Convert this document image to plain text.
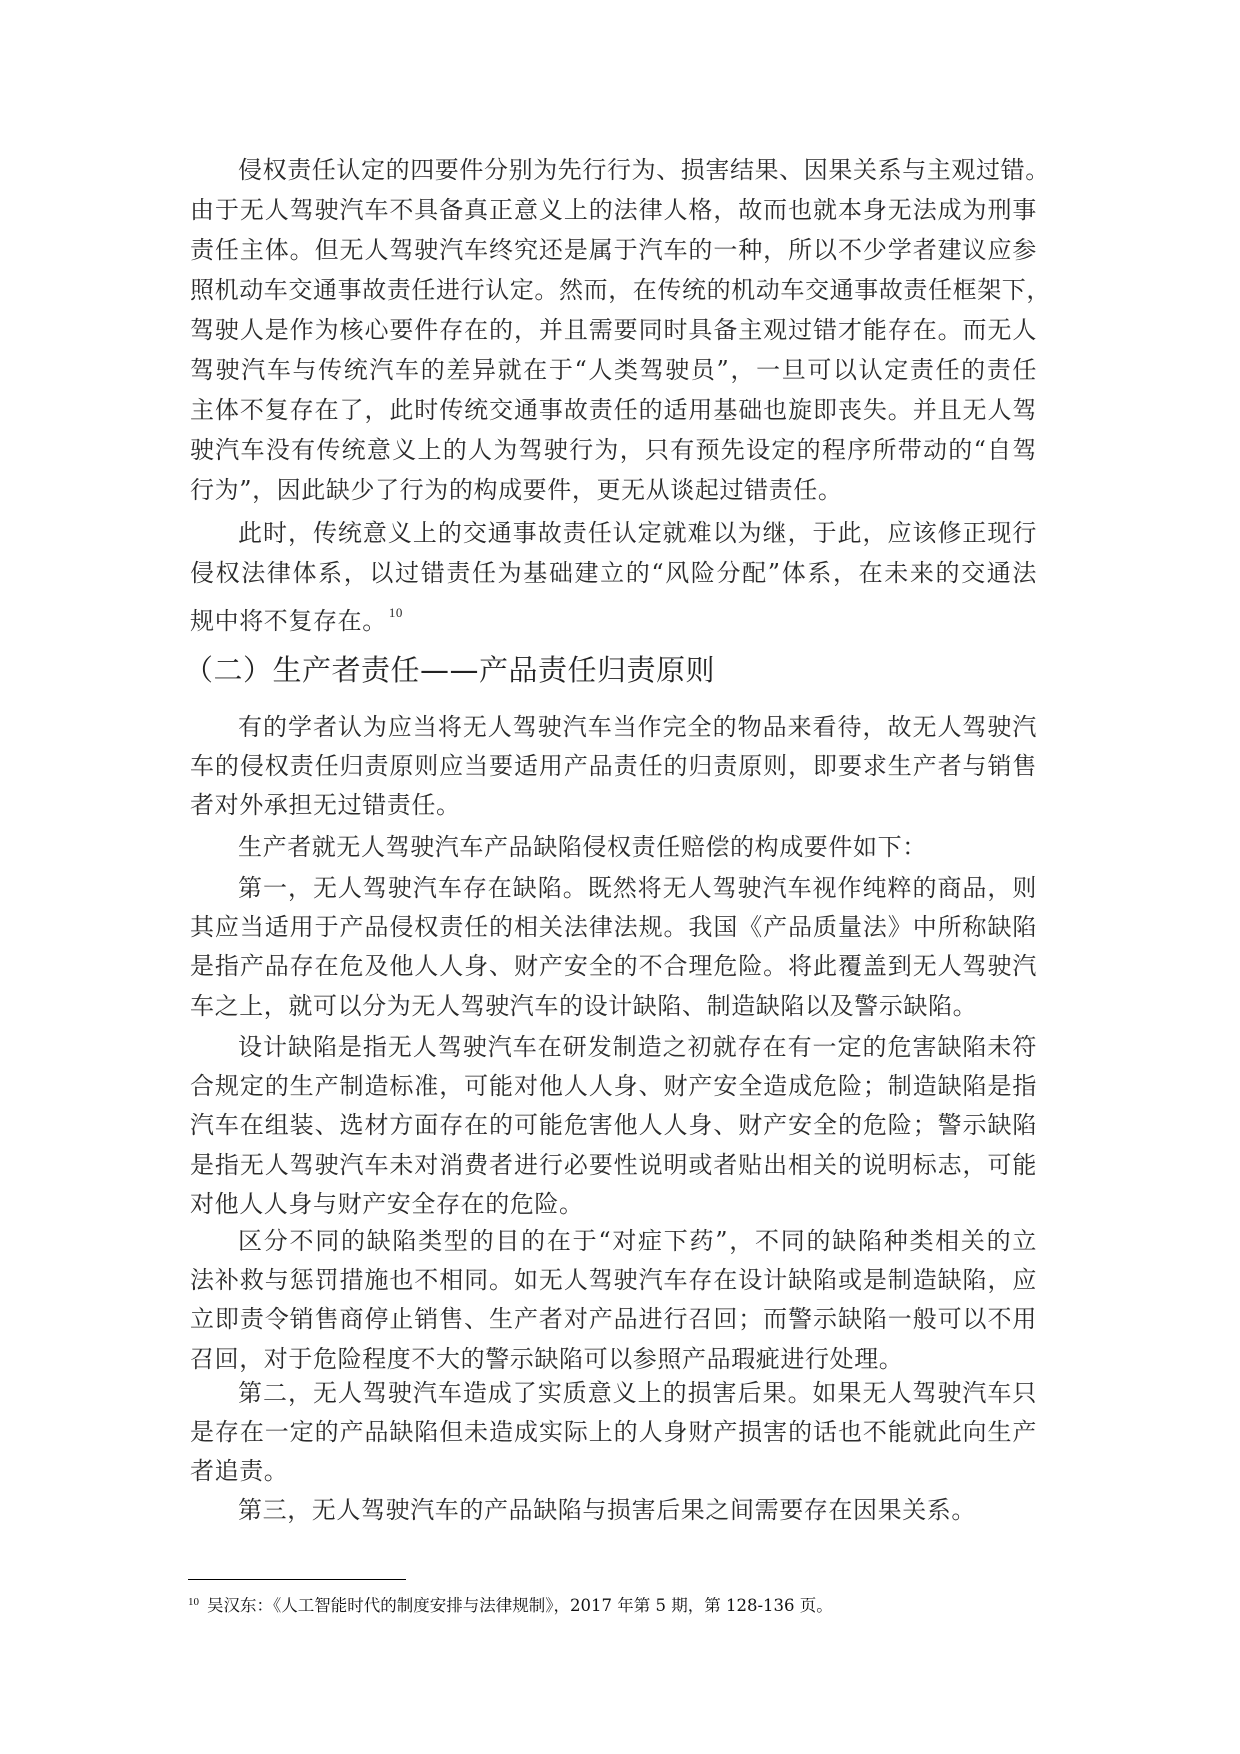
侵权责任认定的四要件分别为先行行为、损害结果、因果关系与主观过错。
由于无人驾驶汽车不具备真正意义上的法律人格，故而也就本身无法成为刑事
责任主体。但无人驾驶汽车终究还是属于汽车的一种，所以不少学者建议应参
照机动车交通事故责任进行认定。然而，在传统的机动车交通事故责任框架下，
驾驶人是作为核心要件存在的，并且需要同时具备主观过错才能存在。而无人
驾驶汽车与传统汽车的差异就在于“人类驾驶员”，一旦可以认定责任的责任
主体不复存在了，此时传统交通事故责任的适用基础也旋即丧失。并且无人驾
驶汽车没有传统意义上的人为驾驶行为，只有预先设定的程序所带动的“自驾
行为”，因此缺少了行为的构成要件，更无从谈起过错责任。
此时，传统意义上的交通事故责任认定就难以为继，于此，应该修正现行
侵权法律体系，以过错责任为基础建立的“风险分配”体系，在未来的交通法
规中将不复存在。 $^{10}$
（二）生产者责任——产品责任归责原则
有的学者认为应当将无人驾驶汽车当作完全的物品来看待，故无人驾驶汽
车的侵权责任归责原则应当要适用产品责任的归责原则，即要求生产者与销售
者对外承担无过错责任。
生产者就无人驾驶汽车产品缺陷侵权责任赔偿的构成要件如下：
第一，无人驾驶汽车存在缺陷。既然将无人驾驶汽车视作纯粹的商品，则
其应当适用于产品侵权责任的相关法律法规。我国《产品质量法》中所称缺陷
是指产品存在危及他人人身、财产安全的不合理危险。将此覆盖到无人驾驶汽
车之上，就可以分为无人驾驶汽车的设计缺陷、制造缺陷以及警示缺陷。
设计缺陷是指无人驾驶汽车在研发制造之初就存在有一定的危害缺陷未符
合规定的生产制造标准，可能对他人人身、财产安全造成危险；制造缺陷是指
汽车在组装、选材方面存在的可能危害他人人身、财产安全的危险；警示缺陷
是指无人驾驶汽车未对消费者进行必要性说明或者贴出相关的说明标志，可能
对他人人身与财产安全存在的危险。
区分不同的缺陷类型的目的在于“对症下药”，不同的缺陷种类相关的立
法补救与惩罚措施也不相同。如无人驾驶汽车存在设计缺陷或是制造缺陷，应
立即责令销售商停止销售、生产者对产品进行召回；而警示缺陷一般可以不用
召回，对于危险程度不大的警示缺陷可以参照产品瑕疵进行处理。
第二，无人驾驶汽车造成了实质意义上的损害后果。如果无人驾驶汽车只
是存在一定的产品缺陷但未造成实际上的人身财产损害的话也不能就此向生产
者追责。
第三，无人驾驶汽车的产品缺陷与损害后果之间需要存在因果关系。
$^{10}$ 吴汉东：《人工智能时代的制度安排与法律规制》，2017 年第 5 期，第 128-136 页。
